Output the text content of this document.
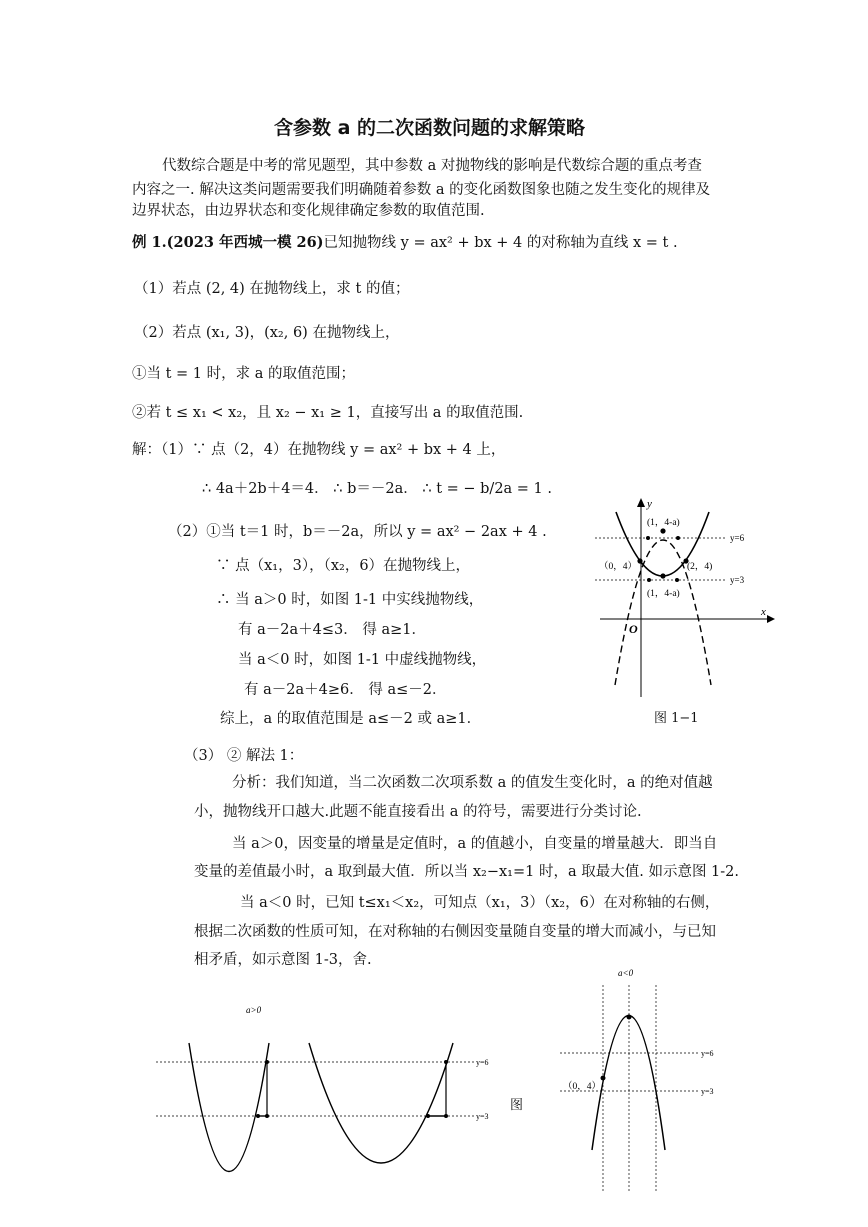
含参数 a 的二次函数问题的求解策略
代数综合题是中考的常见题型，其中参数 a 对抛物线的影响是代数综合题的重点考查
内容之一. 解决这类问题需要我们明确随着参数 a 的变化函数图象也随之发生变化的规律及
边界状态，由边界状态和变化规律确定参数的取值范围.
例 1.(2023 年西城一模 26)已知抛物线 y = ax² + bx + 4 的对称轴为直线 x = t .
（1）若点 (2, 4) 在抛物线上，求 t 的值；
（2）若点 (x₁, 3)，(x₂, 6) 在抛物线上，
①当 t = 1 时，求 a 的取值范围；
②若 t ≤ x₁ < x₂，且 x₂ − x₁ ≥ 1，直接写出 a 的取值范围.
解：（1）∵ 点（2，4）在抛物线 y = ax² + bx + 4 上，
∴ 4a＋2b＋4＝4． ∴ b＝－2a． ∴ t = − b/2a = 1 .
（2）①当 t＝1 时，b＝－2a，所以 y = ax² − 2ax + 4 .
∵ 点（x₁，3），（x₂，6）在抛物线上，
∴ 当 a＞0 时，如图 1-1 中实线抛物线，
有 a－2a＋4≤3． 得 a≥1．
当 a＜0 时，如图 1-1 中虚线抛物线，
有 a－2a＋4≥6． 得 a≤－2．
综上，a 的取值范围是 a≤－2 或 a≥1．
（3） ② 解法 1：
分析：我们知道，当二次函数二次项系数 a 的值发生变化时，a 的绝对值越
小，抛物线开口越大.此题不能直接看出 a 的符号，需要进行分类讨论.
当 a＞0，因变量的增量是定值时，a 的值越小，自变量的增量越大．即当自
变量的差值最小时，a 取到最大值．所以当 x₂−x₁=1 时，a 取最大值. 如示意图 1-2.
当 a＜0 时，已知 t≤x₁＜x₂，可知点（x₁，3）（x₂，6）在对称轴的右侧，
根据二次函数的性质可知，在对称轴的右侧因变量随自变量的增大而减小，与已知
相矛盾，如示意图 1-3，舍.
y
x
O
y=6
y=3
(1，4-a)
（0，4）	(2，4)
(1，4-a)
图 1−1
a>0
y=6
y=3
图
a<0
y=6
y=3
（0，4）
